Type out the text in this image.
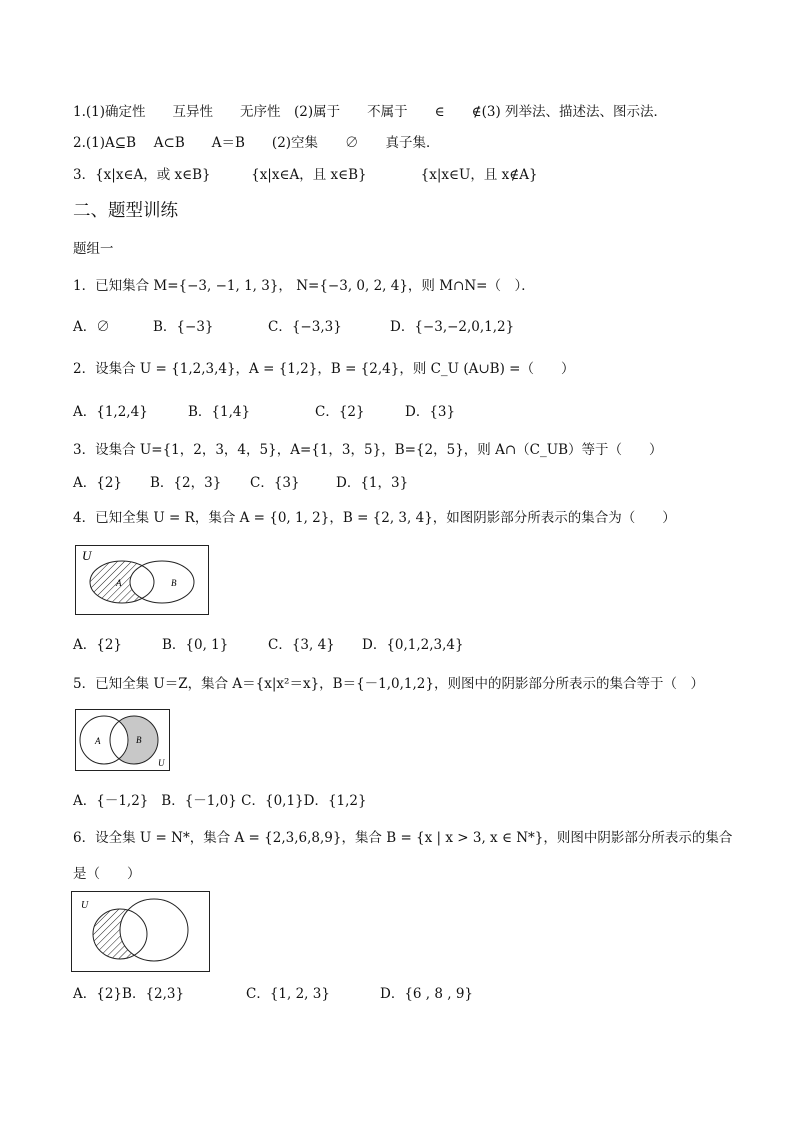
1.(1)确定性　　互异性　　无序性　(2)属于　　不属于　　∈　　∉(3) 列举法、描述法、图示法．
2.(1)A⊆B　 A⊂B　　A＝B　　(2)空集　　∅　　真子集．
3．{x|x∈A，或 x∈B}　　　{x|x∈A，且 x∈B}　　　　{x|x∈U，且 x∉A}
二、题型训练
题组一
1．已知集合 M={−3, −1, 1, 3}， N={−3, 0, 2, 4}，则 M∩N=（　）．
A．∅	B．{−3}	C．{−3,3}	D．{−3,−2,0,1,2}
2．设集合 U = {1,2,3,4}，A = {1,2}，B = {2,4}，则 C_U (A∪B) =（　　）
A．{1,2,4}	B．{1,4}	C．{2}	D．{3}
3．设集合 U={1，2，3，4，5}，A={1，3，5}，B={2，5}，则 A∩（C_UB）等于（　　）
A．{2} B．{2，3} C．{3}	D．{1，3}
4．已知全集 U = R，集合 A = {0, 1, 2}，B = {2, 3, 4}，如图阴影部分所表示的集合为（　　）
U
A	B
A．{2}	B．{0, 1}	C．{3, 4} D．{0,1,2,3,4}
5．已知全集 U＝Z，集合 A＝{x|x²＝x}，B＝{－1,0,1,2}，则图中的阴影部分所表示的集合等于（　）
A	B
U
A．{－1,2} B．{－1,0} C．{0,1}D．{1,2}
6．设全集 U = N*，集合 A = {2,3,6,8,9}，集合 B = {x | x > 3, x ∈ N*}，则图中阴影部分所表示的集合
是（　　）
U
A．{2}B．{2,3}	C．{1, 2, 3}	D．{6 , 8 , 9}
